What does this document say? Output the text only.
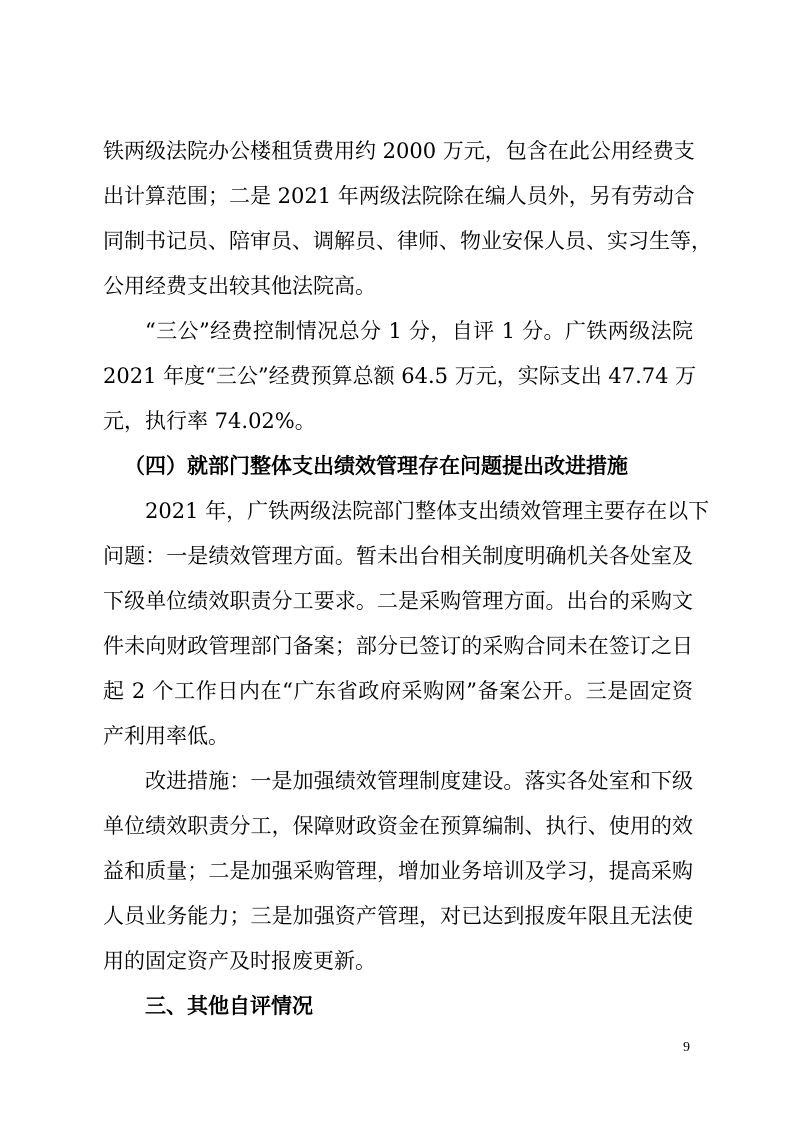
铁两级法院办公楼租赁费用约 2000 万元，包含在此公用经费支
出计算范围；二是 2021 年两级法院除在编人员外，另有劳动合
同制书记员、陪审员、调解员、律师、物业安保人员、实习生等，
公用经费支出较其他法院高。
“三公”经费控制情况总分 1 分，自评 1 分。广铁两级法院
2021 年度“三公”经费预算总额 64.5 万元，实际支出 47.74 万
元，执行率 74.02%。
（四）就部门整体支出绩效管理存在问题提出改进措施
2021 年，广铁两级法院部门整体支出绩效管理主要存在以下
问题：一是绩效管理方面。暂未出台相关制度明确机关各处室及
下级单位绩效职责分工要求。二是采购管理方面。出台的采购文
件未向财政管理部门备案；部分已签订的采购合同未在签订之日
起 2 个工作日内在“广东省政府采购网”备案公开。三是固定资
产利用率低。
改进措施：一是加强绩效管理制度建设。落实各处室和下级
单位绩效职责分工，保障财政资金在预算编制、执行、使用的效
益和质量；二是加强采购管理，增加业务培训及学习，提高采购
人员业务能力；三是加强资产管理，对已达到报废年限且无法使
用的固定资产及时报废更新。
三、其他自评情况
9
